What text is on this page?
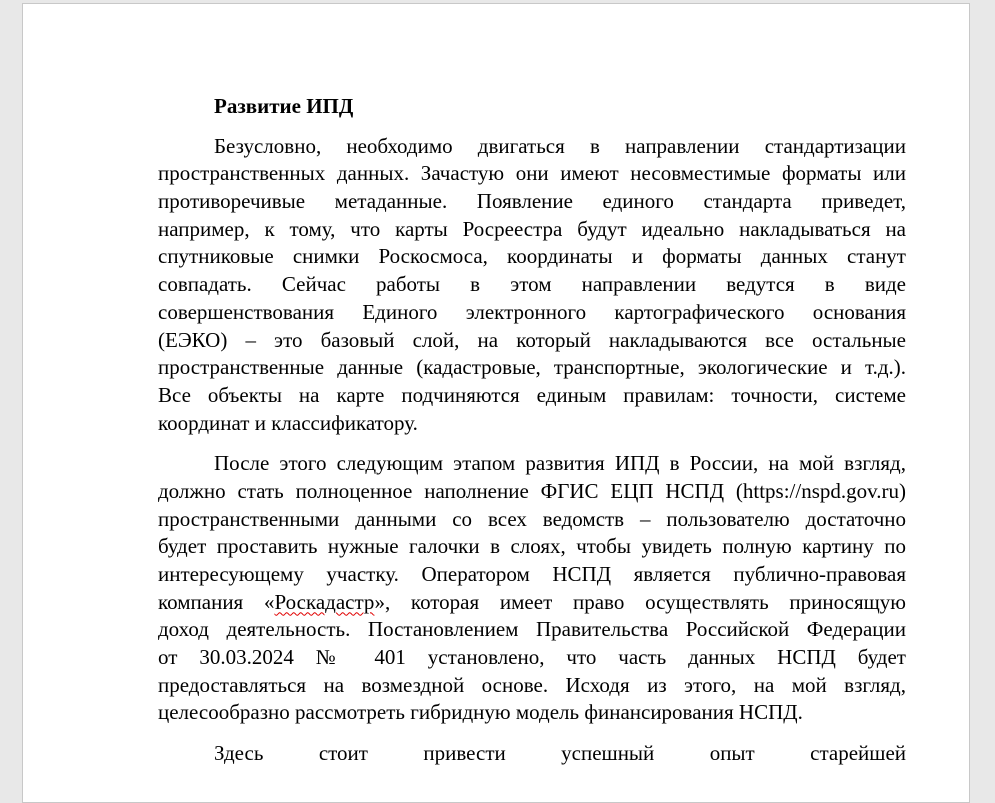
Развитие ИПД
Безусловно, необходимо двигаться в направлении стандартизации
пространственных данных. Зачастую они имеют несовместимые форматы или
противоречивые метаданные. Появление единого стандарта приведет,
например, к тому, что карты Росреестра будут идеально накладываться на
спутниковые снимки Роскосмоса, координаты и форматы данных станут
совпадать. Сейчас работы в этом направлении ведутся в виде
совершенствования Единого электронного картографического основания
(ЕЭКО) – это базовый слой, на который накладываются все остальные
пространственные данные (кадастровые, транспортные, экологические и т.д.).
Все объекты на карте подчиняются единым правилам: точности, системе
координат и классификатору.
После этого следующим этапом развития ИПД в России, на мой взгляд,
должно стать полноценное наполнение ФГИС ЕЦП НСПД (https://nspd.gov.ru)
пространственными данными со всех ведомств – пользователю достаточно
будет проставить нужные галочки в слоях, чтобы увидеть полную картину по
интересующему участку. Оператором НСПД является публично-правовая
компания «Роскадастр», которая имеет право осуществлять приносящую
доход деятельность. Постановлением Правительства Российской Федерации
от 30.03.2024 № 401 установлено, что часть данных НСПД будет
предоставляться на возмездной основе. Исходя из этого, на мой взгляд,
целесообразно рассмотреть гибридную модель финансирования НСПД.
Здесь стоит привести успешный опыт старейшей
